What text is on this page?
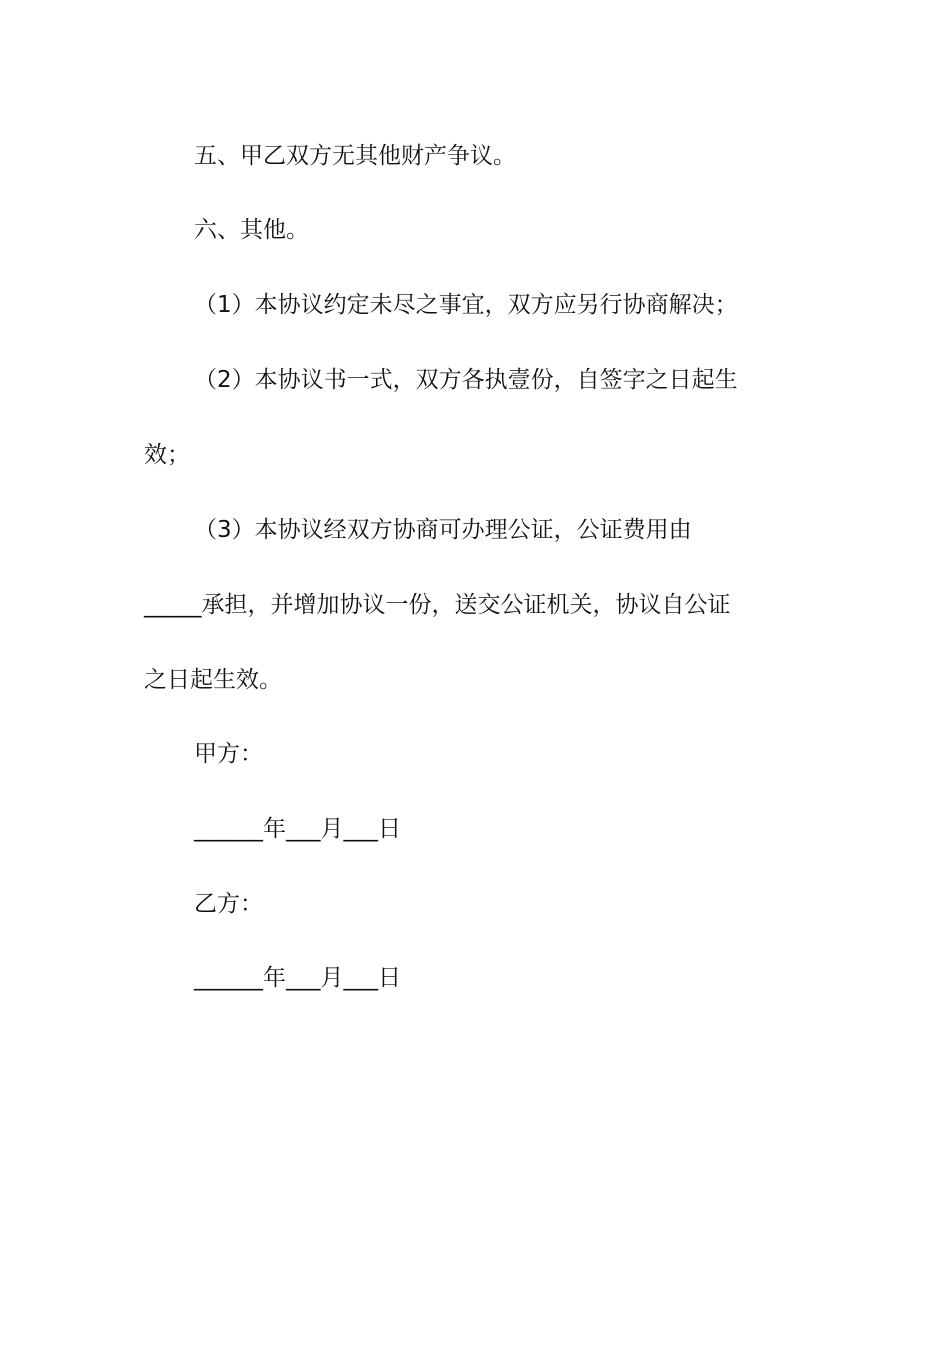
五、甲乙双方无其他财产争议。
六、其他。
（1）本协议约定未尽之事宜，双方应另行协商解决；
（2）本协议书一式，双方各执壹份，自签字之日起生
效；
（3）本协议经双方协商可办理公证，公证费用由
_____承担，并增加协议一份，送交公证机关，协议自公证
之日起生效。
甲方：
______年___月___日
乙方：
______年___月___日
